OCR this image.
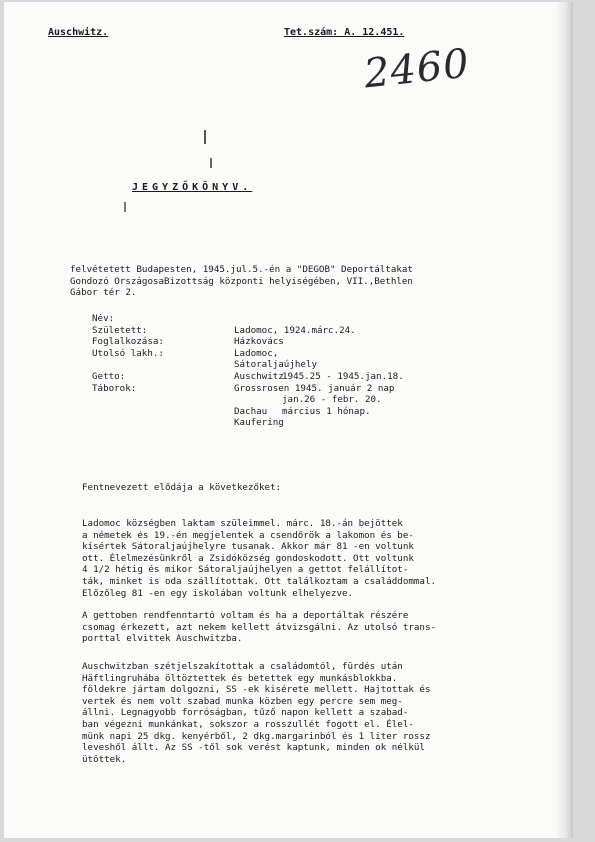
Auschwitz.	Tet.szám: A. 12.451.
2460
JEGYZŐKÖNYV.
felvétetett Budapesten, 1945.jul.5.-én a "DEGOB" Deportáltakat
Gondozó OrszágosaBizottság központi helyiségében, VII.,Bethlen
Gábor tér 2.
Név:
Született:	Ladomoc, 1924.márc.24.
Foglalkozása:	Házkovács
Utolsó lakh.:	Ladomoc,
Sátoraljaújhely
Getto:	Auschwitz
1945.25 - 1945.jan.18.
Táborok:	Grossrosen 1945. január 2 nap
jan.26 - febr. 20.
Dachau március 1 hónap.
Kaufering
Fentnevezett elődája a következőket:
Ladomoc községben laktam szüleimmel. márc. 18.-án bejöttek
a németek és 19.-én megjelentek a csendőrök a lakomon és be-
kísértek Sátoraljaújhelyre tusanak. Akkor már 81 -en voltunk
ott. Élelmezésünkről a Zsidóközség gondoskodott. Ott voltunk
4 1/2 hétig és mikor Sátoraljaújhelyen a gettot felállítot-
ták, minket is oda szállítottak. Ott találkoztam a családdommal.
Előzőleg 81 -en egy iskolában voltunk elhelyezve.
A gettoben rendfenntartó voltam és ha a deportáltak részére
csomag érkezett, azt nekem kellett átvizsgálni. Az utolsó trans-
porttal elvittek Auschwitzba.
Auschwitzban szétjelszakítottak a családomtól, fürdés után
Häftlingruhába öltöztettek és betettek egy munkásblokkba.
földekre jártam dolgozni, SS -ek kisérete mellett. Hajtottak és
vertek és nem volt szabad munka közben egy percre sem meg-
állni. Legnagyobb forróságban, tűző napon kellett a szabad-
ban végezni munkánkat, sokszor a rosszullét fogott el. Élel-
münk napi 25 dkg. kenyérből, 2 dkg.margarinból és 1 liter rossz
leveshől állt. Az SS -től sok verést kaptunk, minden ok nélkül
ütöttek.
